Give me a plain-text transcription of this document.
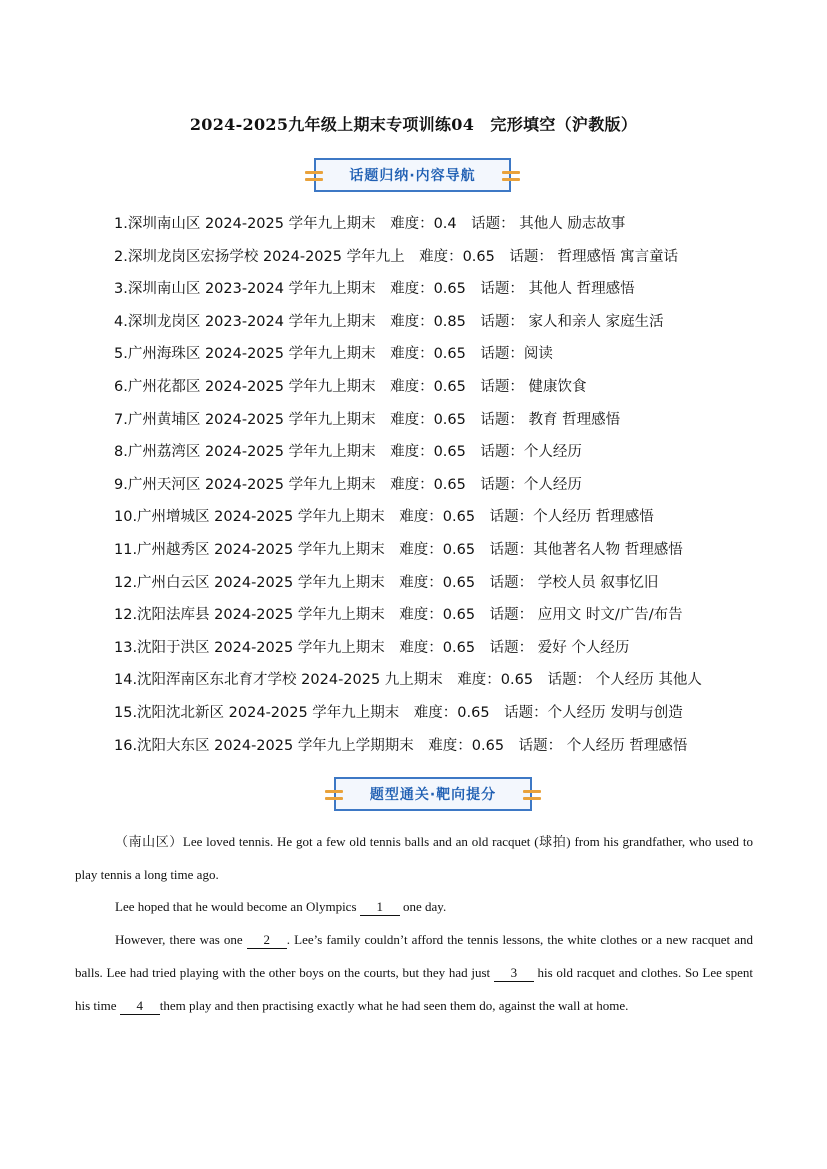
2024-2025九年级上期末专项训练04　完形填空（沪教版）
话题归纳·内容导航
1.深圳南山区 2024-2025 学年九上期末　难度：0.4　话题： 其他人 励志故事
2.深圳龙岗区宏扬学校 2024-2025 学年九上　难度：0.65　话题： 哲理感悟 寓言童话
3.深圳南山区 2023-2024 学年九上期末　难度：0.65　话题： 其他人 哲理感悟
4.深圳龙岗区 2023-2024 学年九上期末　难度：0.85　话题： 家人和亲人 家庭生活
5.广州海珠区 2024-2025 学年九上期末　难度：0.65　话题：阅读
6.广州花都区 2024-2025 学年九上期末　难度：0.65　话题： 健康饮食
7.广州黄埔区 2024-2025 学年九上期末　难度：0.65　话题： 教育 哲理感悟
8.广州荔湾区 2024-2025 学年九上期末　难度：0.65　话题：个人经历
9.广州天河区 2024-2025 学年九上期末　难度：0.65　话题：个人经历
10.广州增城区 2024-2025 学年九上期末　难度：0.65　话题：个人经历 哲理感悟
11.广州越秀区 2024-2025 学年九上期末　难度：0.65　话题：其他著名人物 哲理感悟
12.广州白云区 2024-2025 学年九上期末　难度：0.65　话题： 学校人员 叙事忆旧
12.沈阳法库县 2024-2025 学年九上期末　难度：0.65　话题： 应用文 时文/广告/布告
13.沈阳于洪区 2024-2025 学年九上期末　难度：0.65　话题： 爱好 个人经历
14.沈阳浑南区东北育才学校 2024-2025 九上期末　难度：0.65　话题： 个人经历 其他人
15.沈阳沈北新区 2024-2025 学年九上期末　难度：0.65　话题：个人经历 发明与创造
16.沈阳大东区 2024-2025 学年九上学期期末　难度：0.65　话题： 个人经历 哲理感悟
题型通关·靶向提分

（南山区）Lee loved tennis. He got a few old tennis balls and an old racquet (球拍) from his grandfather, who used to play tennis a long time ago.

Lee hoped that he would become an Olympics 1 one day.

However, there was one 2 . Lee’s family couldn’t afford the tennis lessons, the white clothes or a new racquet and balls. Lee had tried playing with the other boys on the courts, but they had just 3 his old racquet and clothes. So Lee spent his time 4 them play and then practising exactly what he had seen them do, against the wall at home.
